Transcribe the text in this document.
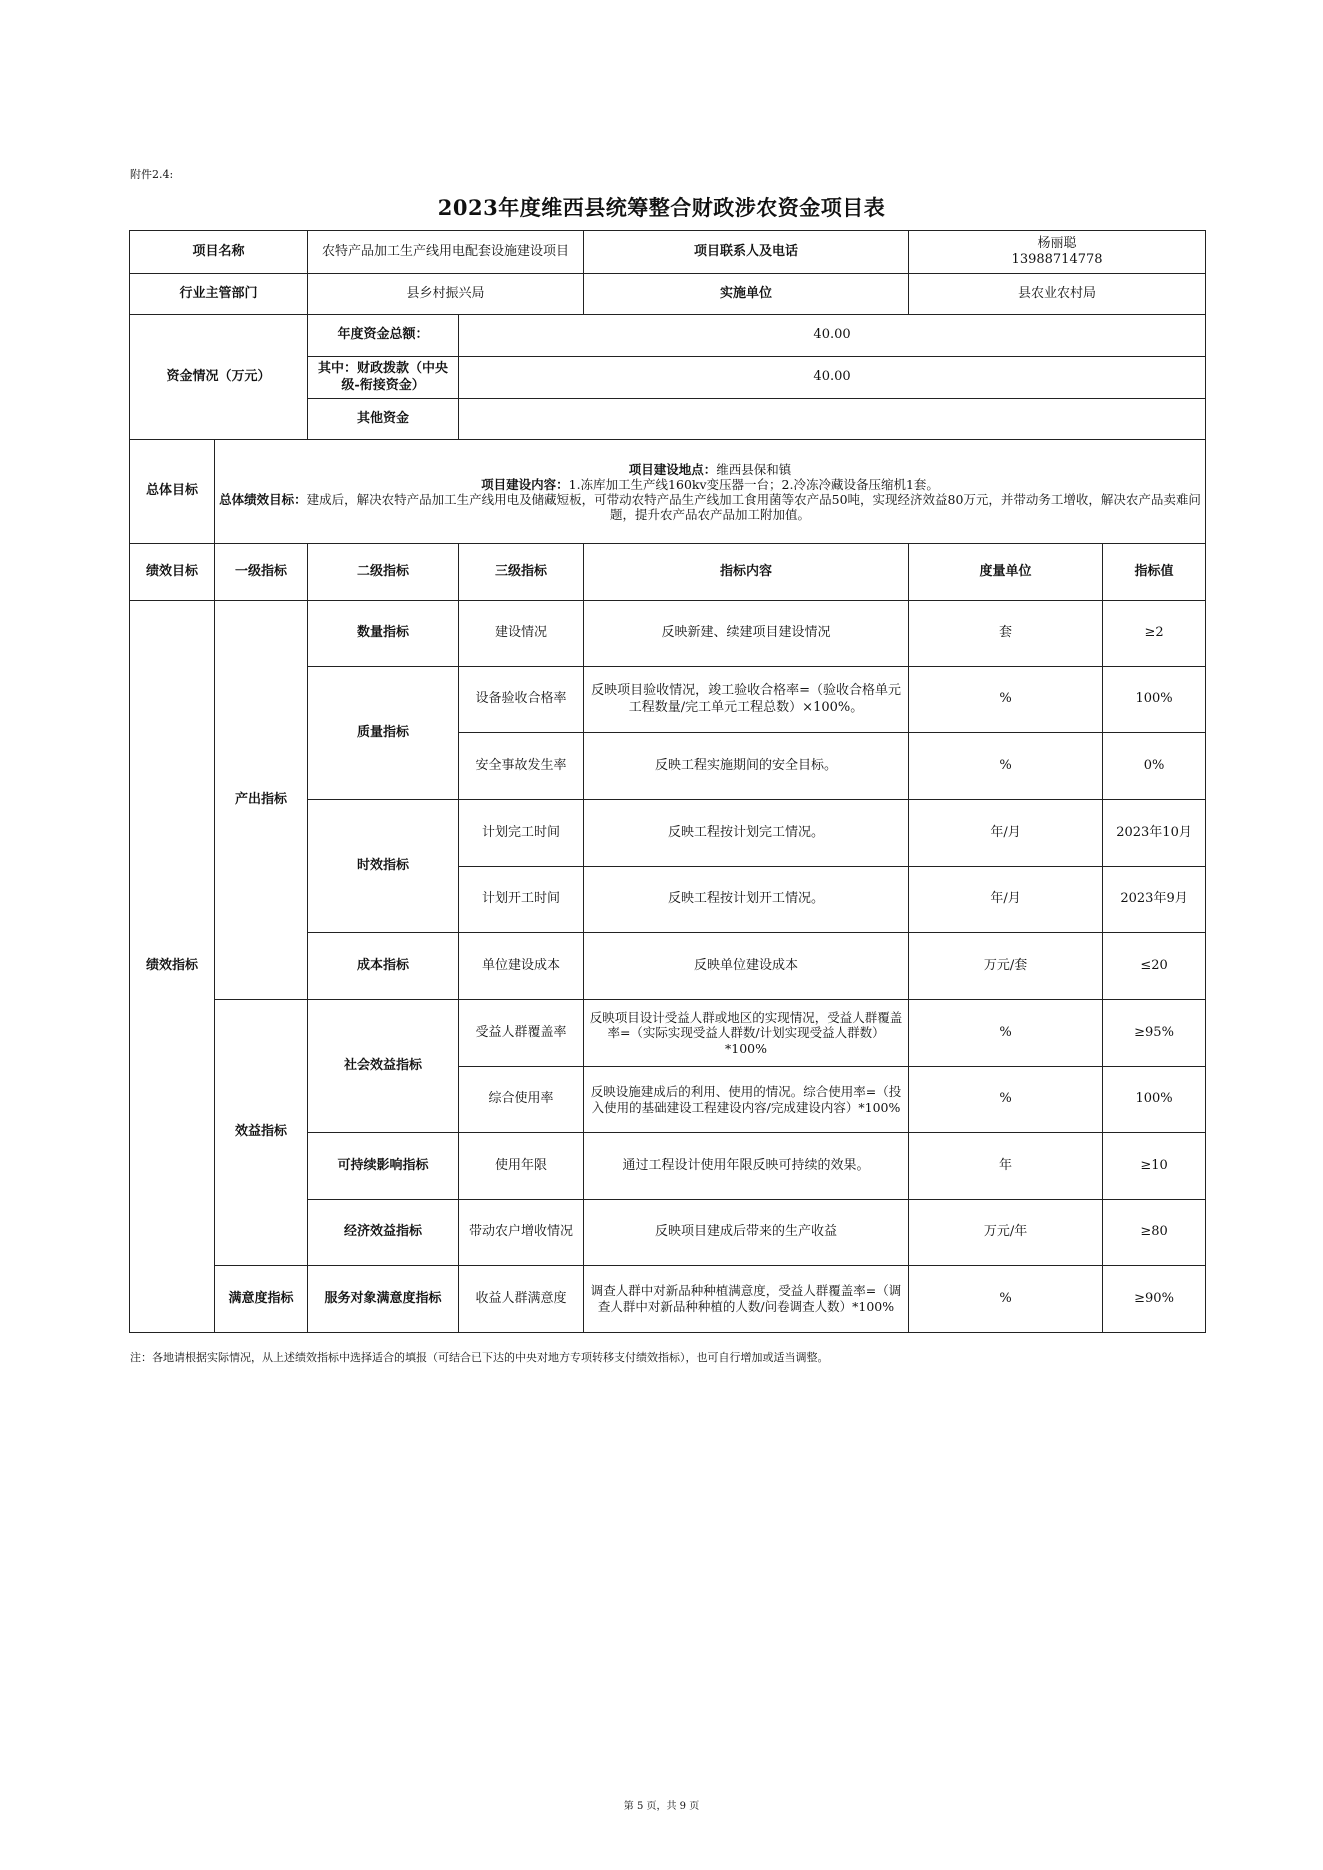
附件2.4:
2023年度维西县统筹整合财政涉农资金项目表
项目名称		农特产品加工生产线用电配套设施建设项目		项目联系人及电话	杨丽聪
13988714778	

行业主管部门		县乡村振兴局		实施单位	县农业农村局	
资金情况（万元）		年度资金总额：	40.00			
		其中：财政拨款（中央级-衔接资金）	40.00			
		其他资金				
总体目标	项目建设地点：维西县保和镇
项目建设内容：1.冻库加工生产线160kv变压器一台；2.冷冻冷藏设备压缩机1套。
总体绩效目标：建成后，解决农特产品加工生产线用电及储藏短板，可带动农特产品生产线加工食用菌等农产品50吨，实现经济效益80万元，并带动务工增收，解决农产品卖难问题，提升农产品农产品加工附加值。					

绩效目标	一级指标	二级指标	三级指标	指标内容	度量单位	指标值
绩效指标	产出指标	数量指标	建设情况	反映新建、续建项目建设情况	套	≥2
		质量指标	设备验收合格率	反映项目验收情况，竣工验收合格率=（验收合格单元工程数量/完工单元工程总数）×100%。	%	100%
			安全事故发生率	反映工程实施期间的安全目标。	%	0%
		时效指标	计划完工时间	反映工程按计划完工情况。	年/月	2023年10月
			计划开工时间	反映工程按计划开工情况。	年/月	2023年9月
		成本指标	单位建设成本	反映单位建设成本	万元/套	≤20
	效益指标	社会效益指标	受益人群覆盖率	反映项目设计受益人群或地区的实现情况，受益人群覆盖率=（实际实现受益人群数/计划实现受益人群数）*100%	%	≥95%
			综合使用率	反映设施建成后的利用、使用的情况。综合使用率=（投入使用的基础建设工程建设内容/完成建设内容）*100%	%	100%
		可持续影响指标	使用年限	通过工程设计使用年限反映可持续的效果。	年	≥10
		经济效益指标	带动农户增收情况	反映项目建成后带来的生产收益	万元/年	≥80
	满意度指标	服务对象满意度指标	收益人群满意度	调查人群中对新品种种植满意度，受益人群覆盖率=（调查人群中对新品种种植的人数/问卷调查人数）*100%	%	≥90%
注：各地请根据实际情况，从上述绩效指标中选择适合的填报（可结合已下达的中央对地方专项转移支付绩效指标），也可自行增加或适当调整。
第 5 页，共 9 页
